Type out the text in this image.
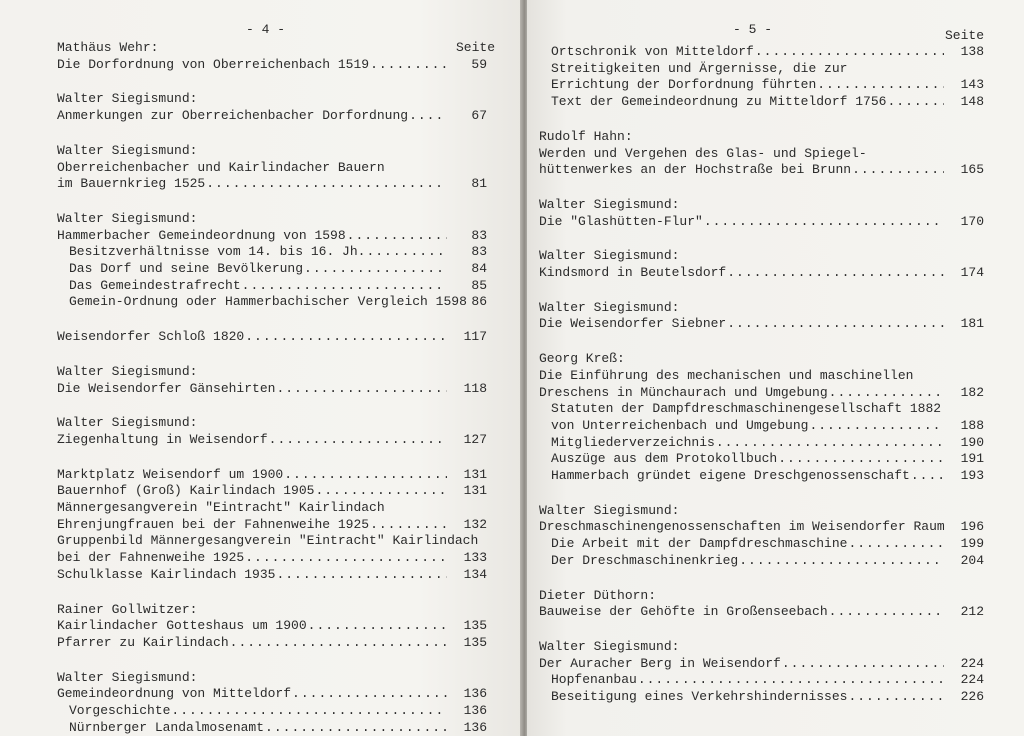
- 4 -
Seite
Mathäus Wehr:
Die Dorfordnung von Oberreichenbach 1519 .....	59
Walter Siegismund:
Anmerkungen zur Oberreichenbacher Dorfordnung .....	67
Walter Siegismund:
Oberreichenbacher und Kairlindacher Bauern
im Bauernkrieg 1525 .....	81
Walter Siegismund:
Hammerbacher Gemeindeordnung von 1598 .....	83
Besitzverhältnisse vom 14. bis 16. Jh. .....	83
Das Dorf und seine Bevölkerung .....	84
Das Gemeindestrafrecht .....	85
Gemein-Ordnung oder Hammerbachischer Vergleich 1598 86
Weisendorfer Schloß 1820 .....	117
Walter Siegismund:
Die Weisendorfer Gänsehirten .....	118
Walter Siegismund:
Ziegenhaltung in Weisendorf .....	127
Marktplatz Weisendorf um 1900 .....	131
Bauernhof (Groß) Kairlindach 1905 .....	131
Männergesangverein "Eintracht" Kairlindach
Ehrenjungfrauen bei der Fahnenweihe 1925 .....	132
Gruppenbild Männergesangverein "Eintracht" Kairlindach
bei der Fahnenweihe 1925 .....	133
Schulklasse Kairlindach 1935 .....	134
Rainer Gollwitzer:
Kairlindacher Gotteshaus um 1900 .....	135
Pfarrer zu Kairlindach .....	135
Walter Siegismund:
Gemeindeordnung von Mitteldorf .....	136
Vorgeschichte .....	136
Nürnberger Landalmosenamt .....	136
- 5 -	Seite
Ortschronik von Mitteldorf .....	138
Streitigkeiten und Ärgernisse, die zur
Errichtung der Dorfordnung führten .....	143
Text der Gemeindeordnung zu Mitteldorf 1756 .....	148
Rudolf Hahn:
Werden und Vergehen des Glas- und Spiegel-
hüttenwerkes an der Hochstraße bei Brunn .....	165
Walter Siegismund:
Die "Glashütten-Flur" .....	170
Walter Siegismund:
Kindsmord in Beutelsdorf .....	174
Walter Siegismund:
Die Weisendorfer Siebner .....	181
Georg Kreß:
Die Einführung des mechanischen und maschinellen
Dreschens in Münchaurach und Umgebung .....	182
Statuten der Dampfdreschmaschinengesellschaft 1882
von Unterreichenbach und Umgebung .....	188
Mitgliederverzeichnis .....	190
Auszüge aus dem Protokollbuch .....	191
Hammerbach gründet eigene Dreschgenossenschaft .....	193
Walter Siegismund:
Dreschmaschinengenossenschaften im Weisendorfer Raum	196
Die Arbeit mit der Dampfdreschmaschine .....	199
Der Dreschmaschinenkrieg .....	204
Dieter Düthorn:
Bauweise der Gehöfte in Großenseebach .....	212
Walter Siegismund:
Der Auracher Berg in Weisendorf .....	224
Hopfenanbau .....	224
Beseitigung eines Verkehrshindernisses .....	226
